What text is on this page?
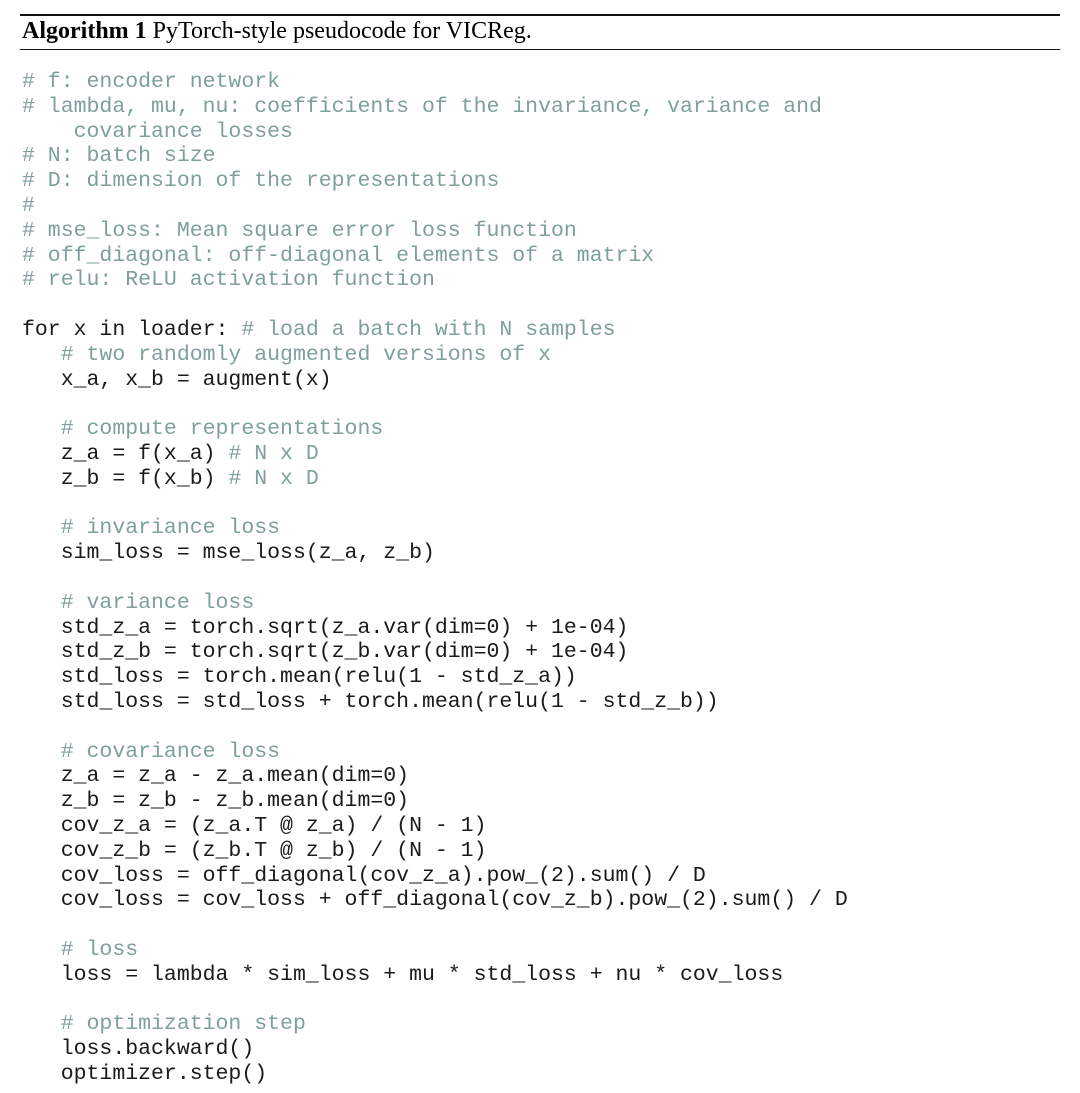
Algorithm 1 PyTorch-style pseudocode for VICReg.
# f: encoder network
# lambda, mu, nu: coefficients of the invariance, variance and
covariance losses
# N: batch size
# D: dimension of the representations
#
# mse_loss: Mean square error loss function
# off_diagonal: off-diagonal elements of a matrix
# relu: ReLU activation function
for x in loader: # load a batch with N samples
# two randomly augmented versions of x
x_a, x_b = augment(x)
# compute representations
z_a = f(x_a) # N x D
z_b = f(x_b) # N x D
# invariance loss
sim_loss = mse_loss(z_a, z_b)
# variance loss
std_z_a = torch.sqrt(z_a.var(dim=0) + 1e-04)
std_z_b = torch.sqrt(z_b.var(dim=0) + 1e-04)
std_loss = torch.mean(relu(1 - std_z_a))
std_loss = std_loss + torch.mean(relu(1 - std_z_b))
# covariance loss
z_a = z_a - z_a.mean(dim=0)
z_b = z_b - z_b.mean(dim=0)
cov_z_a = (z_a.T @ z_a) / (N - 1)
cov_z_b = (z_b.T @ z_b) / (N - 1)
cov_loss = off_diagonal(cov_z_a).pow_(2).sum() / D
cov_loss = cov_loss + off_diagonal(cov_z_b).pow_(2).sum() / D
# loss
loss = lambda * sim_loss + mu * std_loss + nu * cov_loss
# optimization step
loss.backward()
optimizer.step()
